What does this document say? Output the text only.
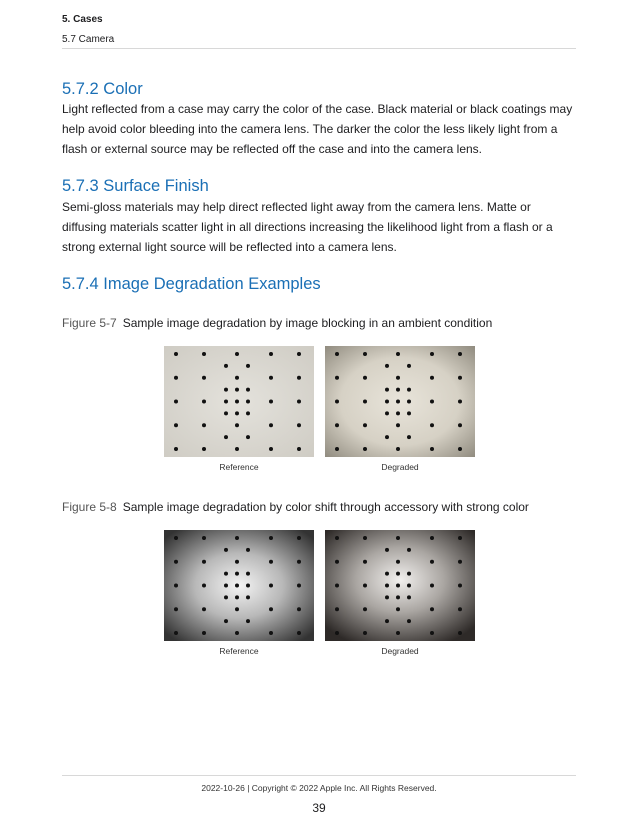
5. Cases
5.7 Camera
5.7.2 Color
Light reflected from a case may carry the color of the case. Black material or black coatings may help avoid color bleeding into the camera lens. The darker the color the less likely light from a flash or external source may be reflected off the case and into the camera lens.
5.7.3 Surface Finish
Semi-gloss materials may help direct reflected light away from the camera lens. Matte or diffusing materials scatter light in all directions increasing the likelihood light from a flash or a strong external light source will be reflected into a camera lens.
5.7.4 Image Degradation Examples
Figure 5-7 Sample image degradation by image blocking in an ambient condition
Reference	Degraded
Figure 5-8 Sample image degradation by color shift through accessory with strong color
Reference	Degraded
2022-10-26 | Copyright © 2022 Apple Inc. All Rights Reserved.
39
